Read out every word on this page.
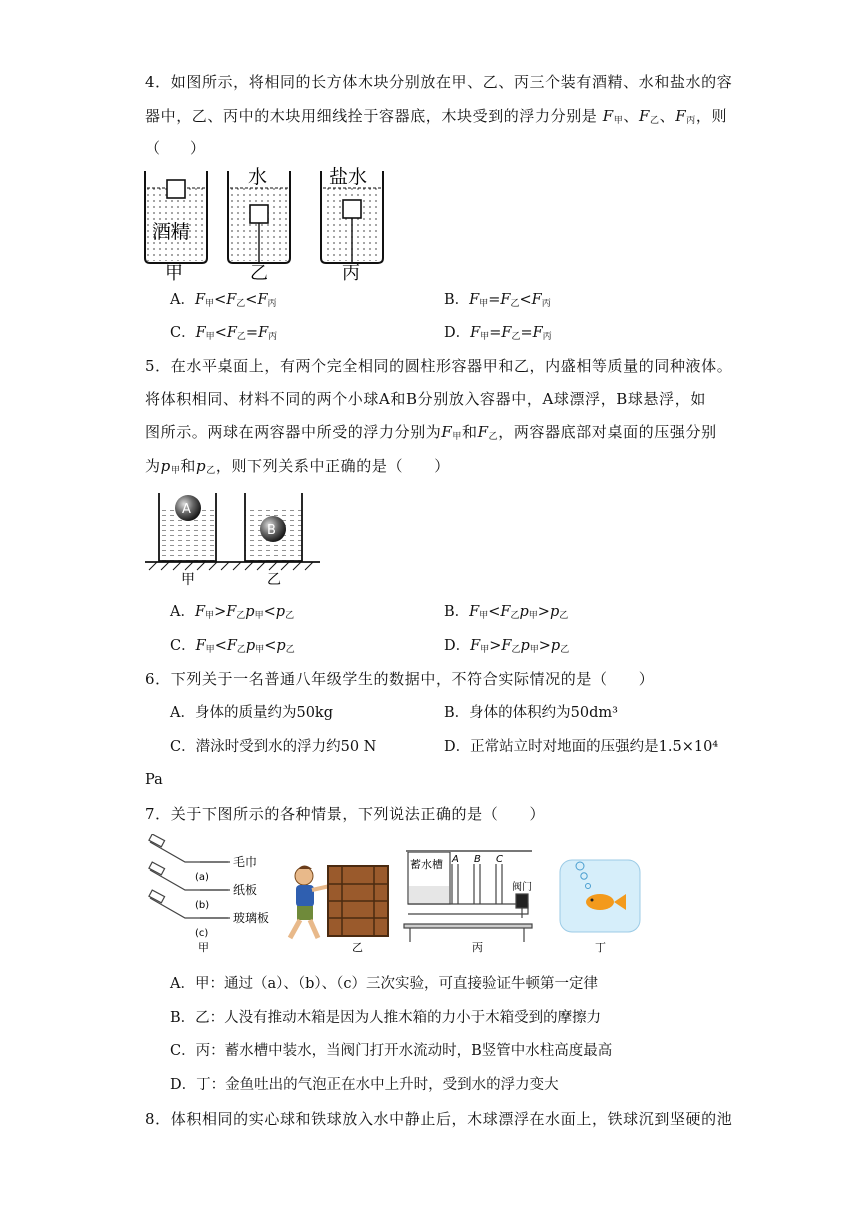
4．如图所示，将相同的长方体木块分别放在甲、乙、丙三个装有酒精、水和盐水的容
器中，乙、丙中的木块用细线拴于容器底，木块受到的浮力分别是 $F_甲$、$F_乙$、$F_丙$，则
（　　）
酒精
水	盐水
甲	乙	丙
A．$F_甲<F_乙<F_丙$	B．$F_甲=F_乙<F_丙$
C．$F_甲<F_乙=F_丙$	D．$F_甲=F_乙=F_丙$
5．在水平桌面上，有两个完全相同的圆柱形容器甲和乙，内盛相等质量的同种液体。
将体积相同、材料不同的两个小球A和B分别放入容器中，A球漂浮，B球悬浮，如
图所示。两球在两容器中所受的浮力分别为$F_甲$和$F_乙$，两容器底部对桌面的压强分别
为$p_甲$和$p_乙$，则下列关系中正确的是（　　）
A
B
甲	乙
A．$F_甲>F_乙p_甲<p_乙$	B．$F_甲<F_乙p_甲>p_乙$
C．$F_甲<F_乙p_甲<p_乙$	D．$F_甲>F_乙p_甲>p_乙$
6．下列关于一名普通八年级学生的数据中，不符合实际情况的是（　　）
A．身体的质量约为50kg	B．身体的体积约为50dm³
C．潜泳时受到水的浮力约50 N	D．正常站立时对地面的压强约是1.5×10⁴
Pa
7．关于下图所示的各种情景，下列说法正确的是（　　）
(a)
(b)
(c)
毛巾
纸板
玻璃板
甲	乙
蓄水槽 A B C
阀门
丙	丁
A．甲：通过（a）、（b）、（c）三次实验，可直接验证牛顿第一定律
B．乙：人没有推动木箱是因为人推木箱的力小于木箱受到的摩擦力
C．丙：蓄水槽中装水，当阀门打开水流动时，B竖管中水柱高度最高
D．丁：金鱼吐出的气泡正在水中上升时，受到水的浮力变大
8．体积相同的实心球和铁球放入水中静止后，木球漂浮在水面上，铁球沉到坚硬的池
